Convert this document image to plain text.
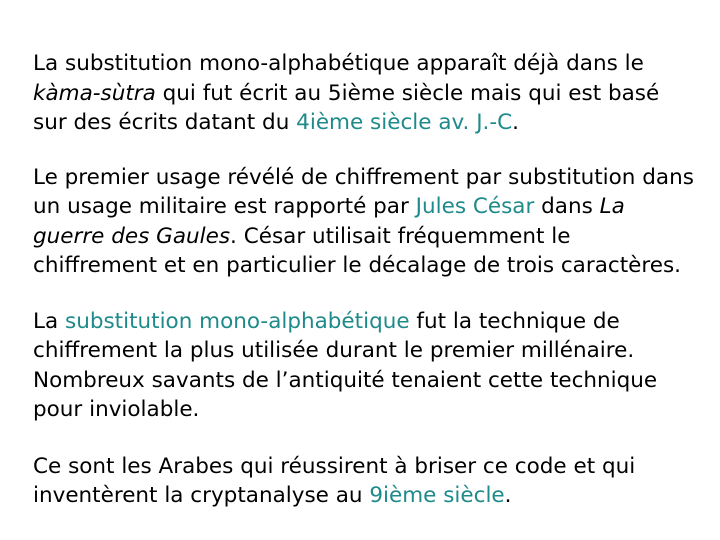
La substitution mono-alphabétique apparaît déjà dans le
kàma-sùtra qui fut écrit au 5ième siècle mais qui est basé
sur des écrits datant du 4ième siècle av. J.-C.

Le premier usage révélé de chiffrement par substitution dans
un usage militaire est rapporté par Jules César dans La
guerre des Gaules. César utilisait fréquemment le
chiffrement et en particulier le décalage de trois caractères.

La substitution mono-alphabétique fut la technique de
chiffrement la plus utilisée durant le premier millénaire.
Nombreux savants de l’antiquité tenaient cette technique
pour inviolable.

Ce sont les Arabes qui réussirent à briser ce code et qui
inventèrent la cryptanalyse au 9ième siècle.
